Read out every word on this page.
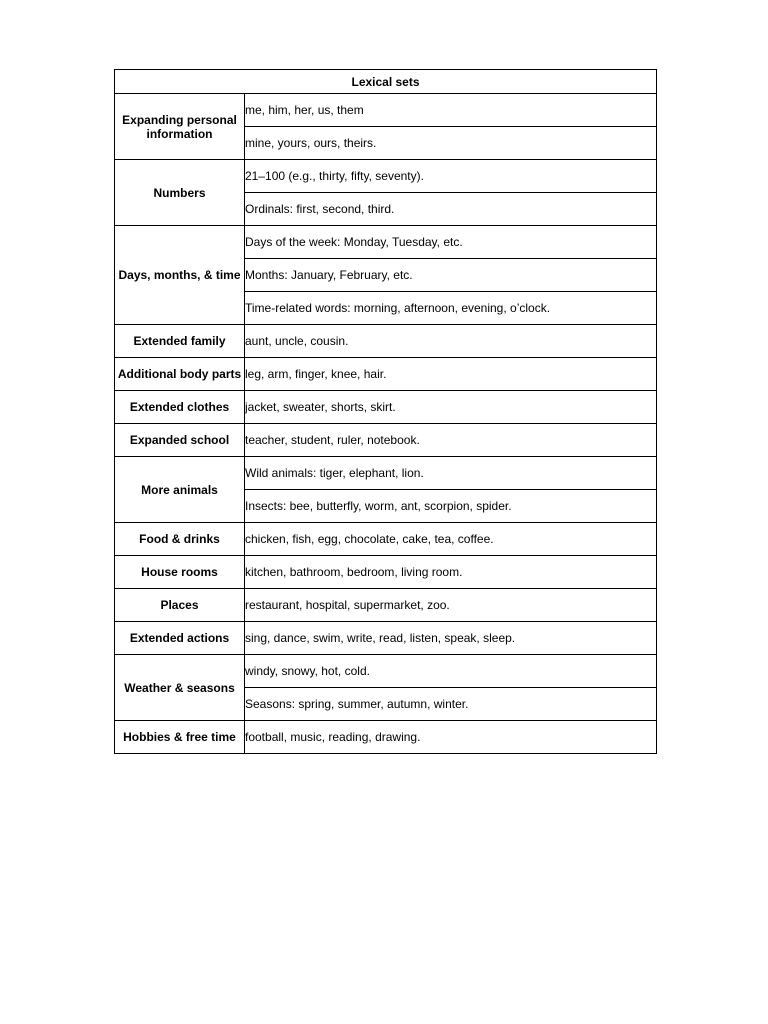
Lexical sets	
Expanding personal information	me, him, her, us, them
	mine, yours, ours, theirs.
Numbers	21–100 (e.g., thirty, fifty, seventy).
	Ordinals: first, second, third.
Days, months, & time	Days of the week: Monday, Tuesday, etc.
	Months: January, February, etc.
	Time-related words: morning, afternoon, evening, o’clock.
Extended family	aunt, uncle, cousin.
Additional body parts	leg, arm, finger, knee, hair.
Extended clothes	jacket, sweater, shorts, skirt.
Expanded school	teacher, student, ruler, notebook.
More animals	Wild animals: tiger, elephant, lion.
	Insects: bee, butterfly, worm, ant, scorpion, spider.
Food & drinks	chicken, fish, egg, chocolate, cake, tea, coffee.
House rooms	kitchen, bathroom, bedroom, living room.
Places	restaurant, hospital, supermarket, zoo.
Extended actions	sing, dance, swim, write, read, listen, speak, sleep.
Weather & seasons	windy, snowy, hot, cold.
	Seasons: spring, summer, autumn, winter.
Hobbies & free time	football, music, reading, drawing.
